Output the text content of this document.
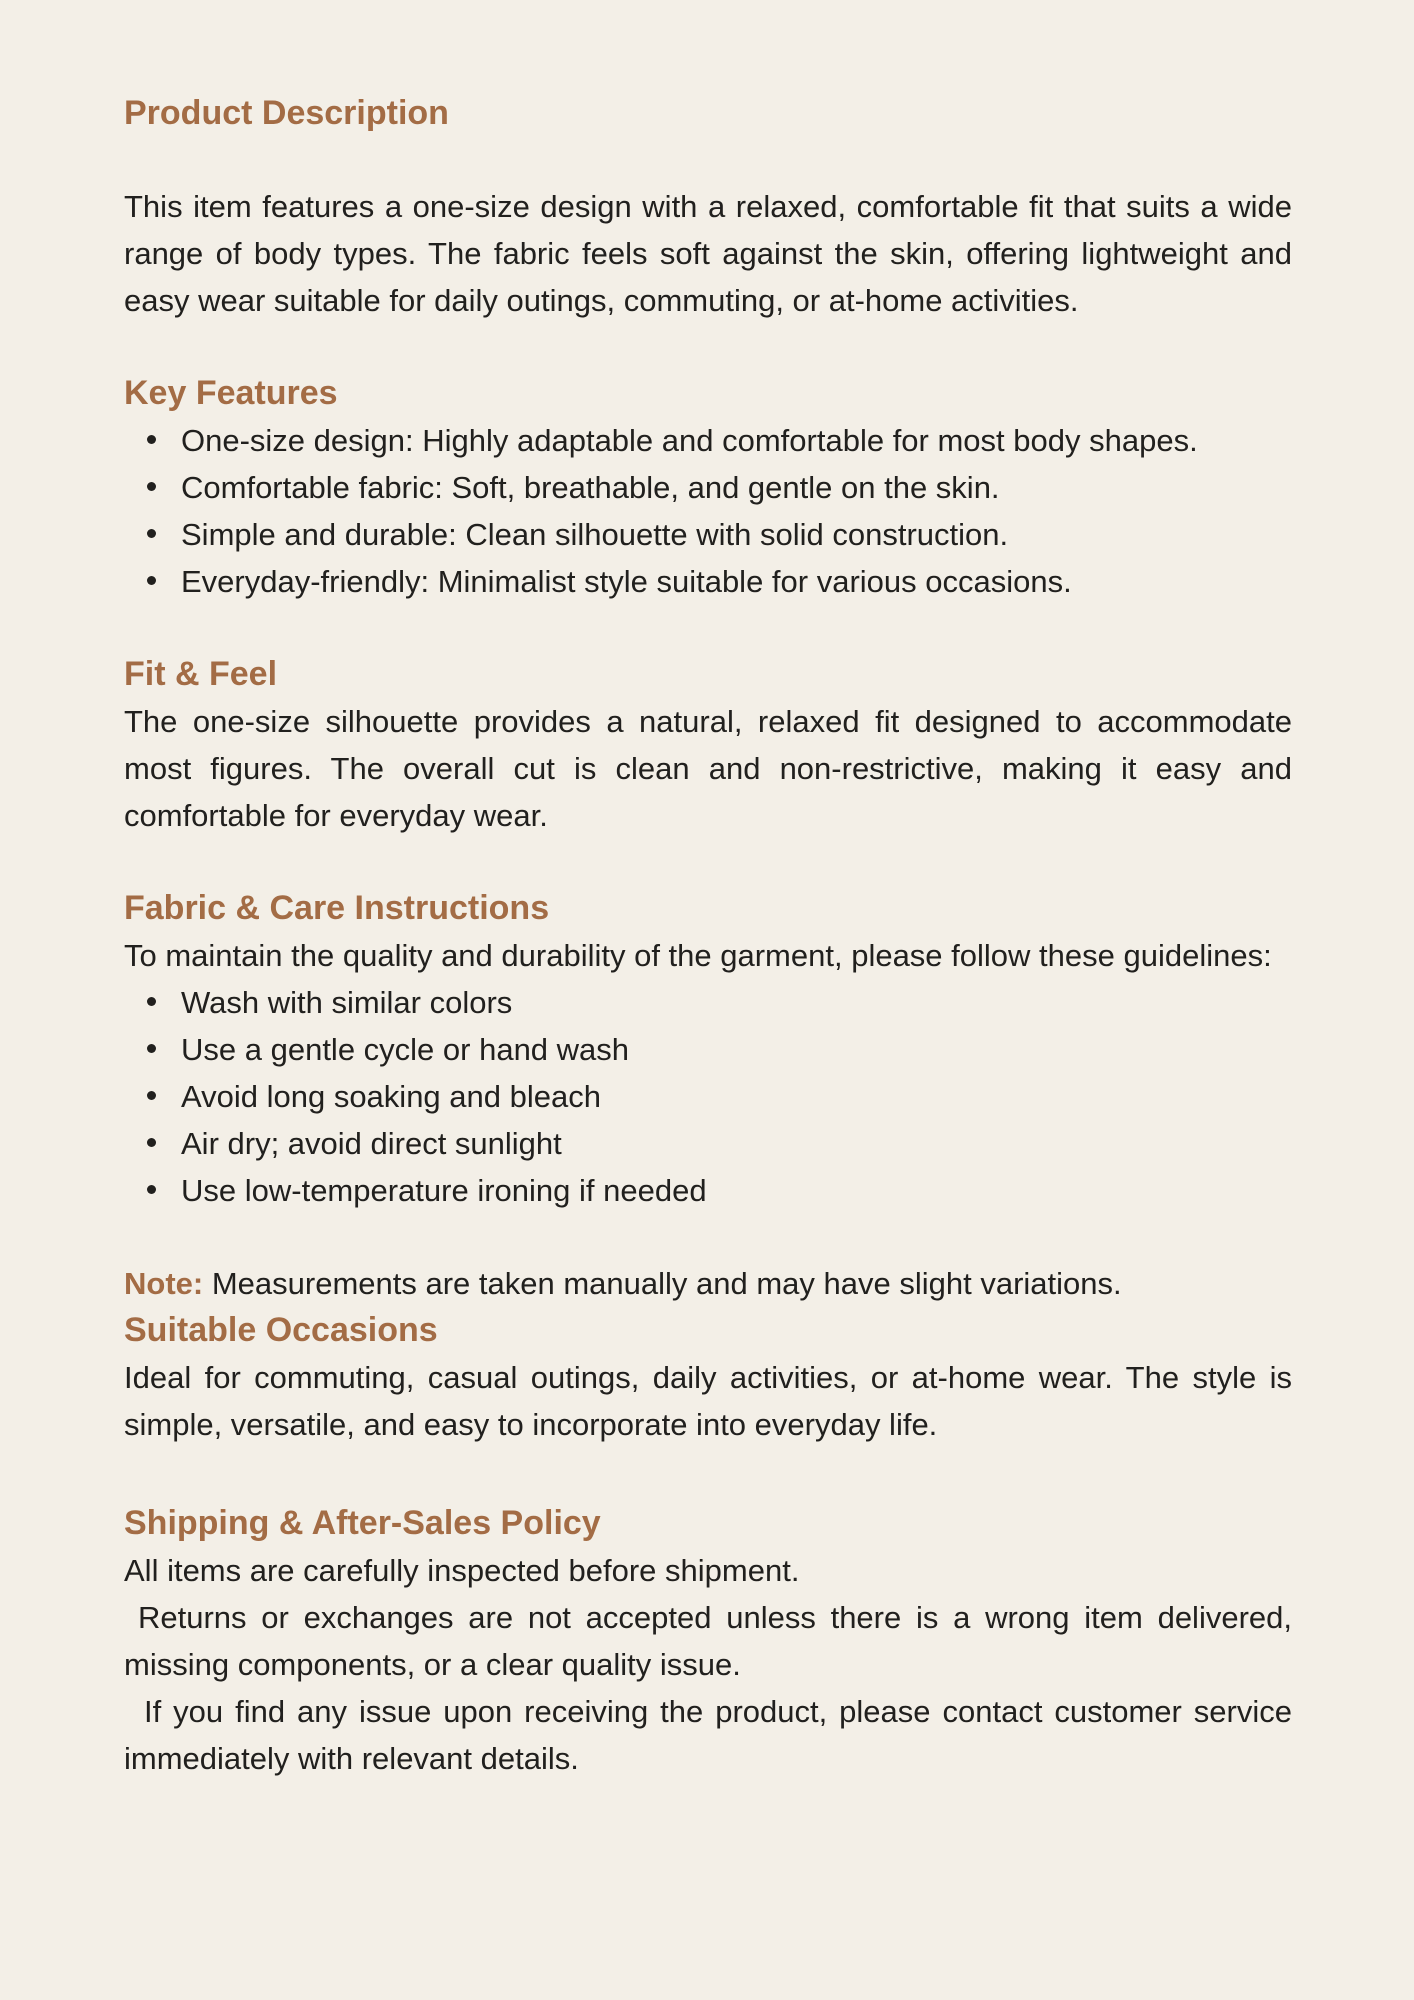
Product Description

This item features a one-size design with a relaxed, comfortable fit that suits a wide range of body types. The fabric feels soft against the skin, offering lightweight and easy wear suitable for daily outings, commuting, or at-home activities.

Key Features
One-size design: Highly adaptable and comfortable for most body shapes.
Comfortable fabric: Soft, breathable, and gentle on the skin.
Simple and durable: Clean silhouette with solid construction.
Everyday-friendly: Minimalist style suitable for various occasions.
Fit & Feel

The one-size silhouette provides a natural, relaxed fit designed to accommodate most figures. The overall cut is clean and non-restrictive, making it easy and comfortable for everyday wear.

Fabric & Care Instructions

To maintain the quality and durability of the garment, please follow these guidelines:

Wash with similar colors
Use a gentle cycle or hand wash
Avoid long soaking and bleach
Air dry; avoid direct sunlight
Use low-temperature ironing if needed

Note: Measurements are taken manually and may have slight variations.

Suitable Occasions

Ideal for commuting, casual outings, daily activities, or at-home wear. The style is simple, versatile, and easy to incorporate into everyday life.

Shipping & After-Sales Policy

All items are carefully inspected before shipment.

Returns or exchanges are not accepted unless there is a wrong item delivered, missing components, or a clear quality issue.

If you find any issue upon receiving the product, please contact customer service immediately with relevant details.
